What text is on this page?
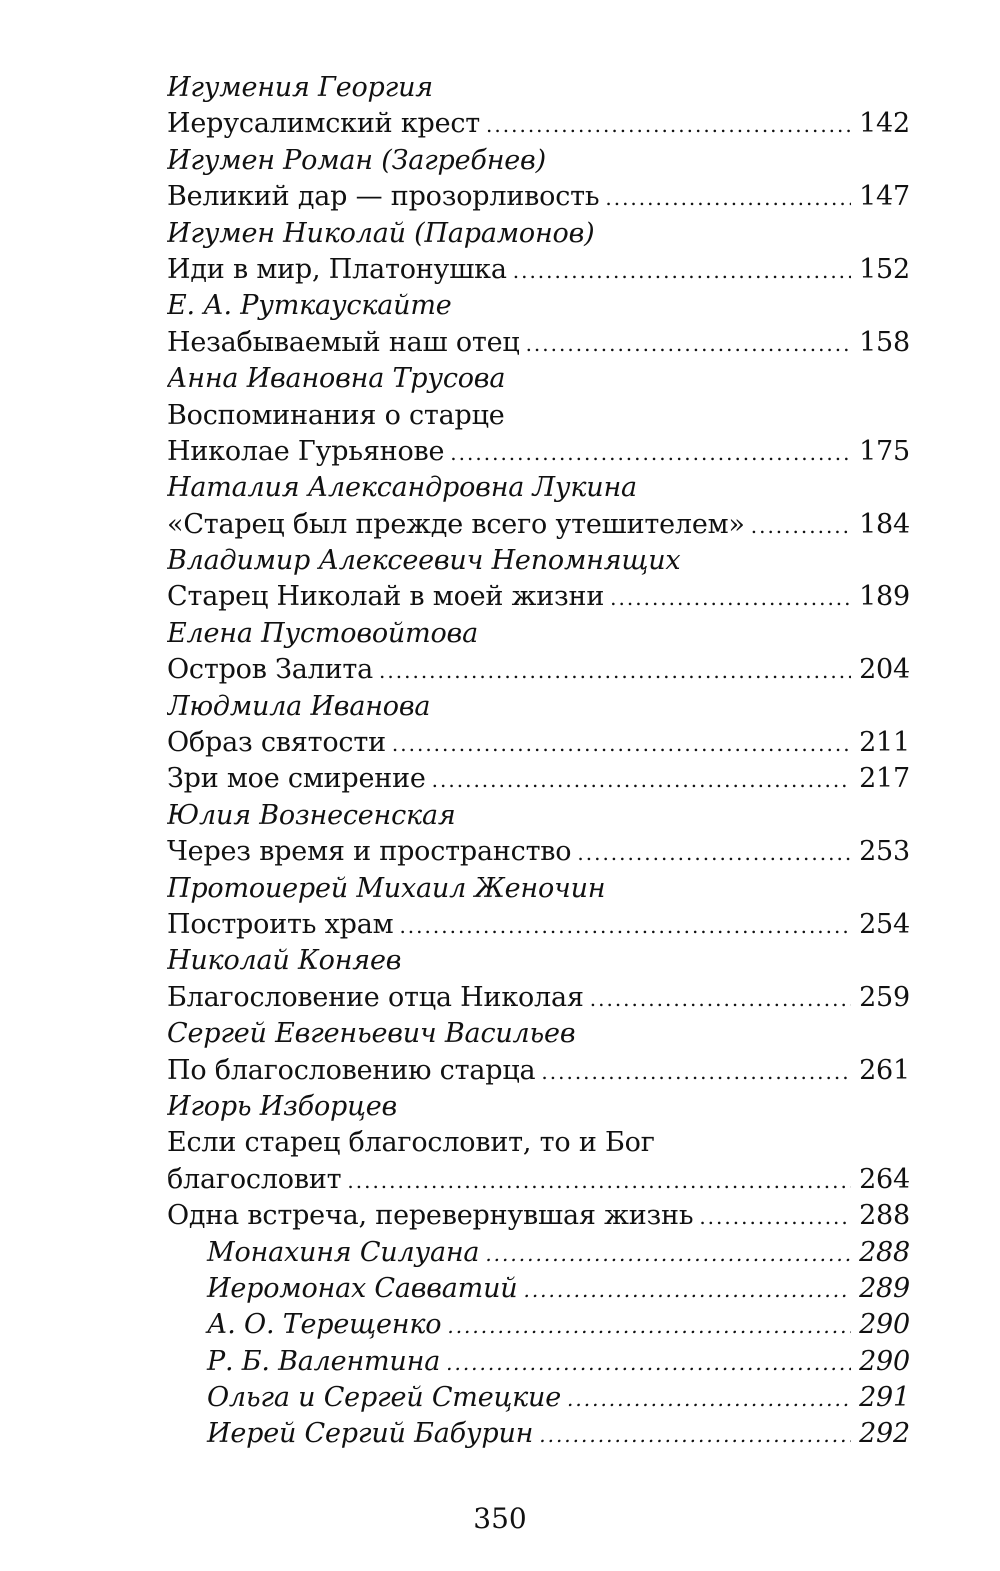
Игумения Георгия
Иерусалимский крест .....	142
Игумен Роман (Загребнев)
Великий дар — прозорливость .....	147
Игумен Николай (Парамонов)
Иди в мир, Платонушка .....	152
Е. А. Руткаускайте
Незабываемый наш отец .....	158
Анна Ивановна Трусова
Воспоминания о старце
Николае Гурьянове .....	175
Наталия Александровна Лукина
«Старец был прежде всего утешителем» .....	184
Владимир Алексеевич Непомнящих
Старец Николай в моей жизни .....	189
Елена Пустовойтова
Остров Залита .....	204
Людмила Иванова
Образ святости .....	211
Зри мое смирение .....	217
Юлия Вознесенская
Через время и пространство .....	253
Протоиерей Михаил Женочин
Построить храм .....	254
Николай Коняев
Благословение отца Николая .....	259
Сергей Евгеньевич Васильев
По благословению старца .....	261
Игорь Изборцев
Если старец благословит, то и Бог
благословит .....	264
Одна встреча, перевернувшая жизнь .....	288
Монахиня Силуана .....	288
Иеромонах Савватий .....	289
А. О. Терещенко .....	290
Р. Б. Валентина .....	290
Ольга и Сергей Стецкие .....	291
Иерей Сергий Бабурин .....	292
350
